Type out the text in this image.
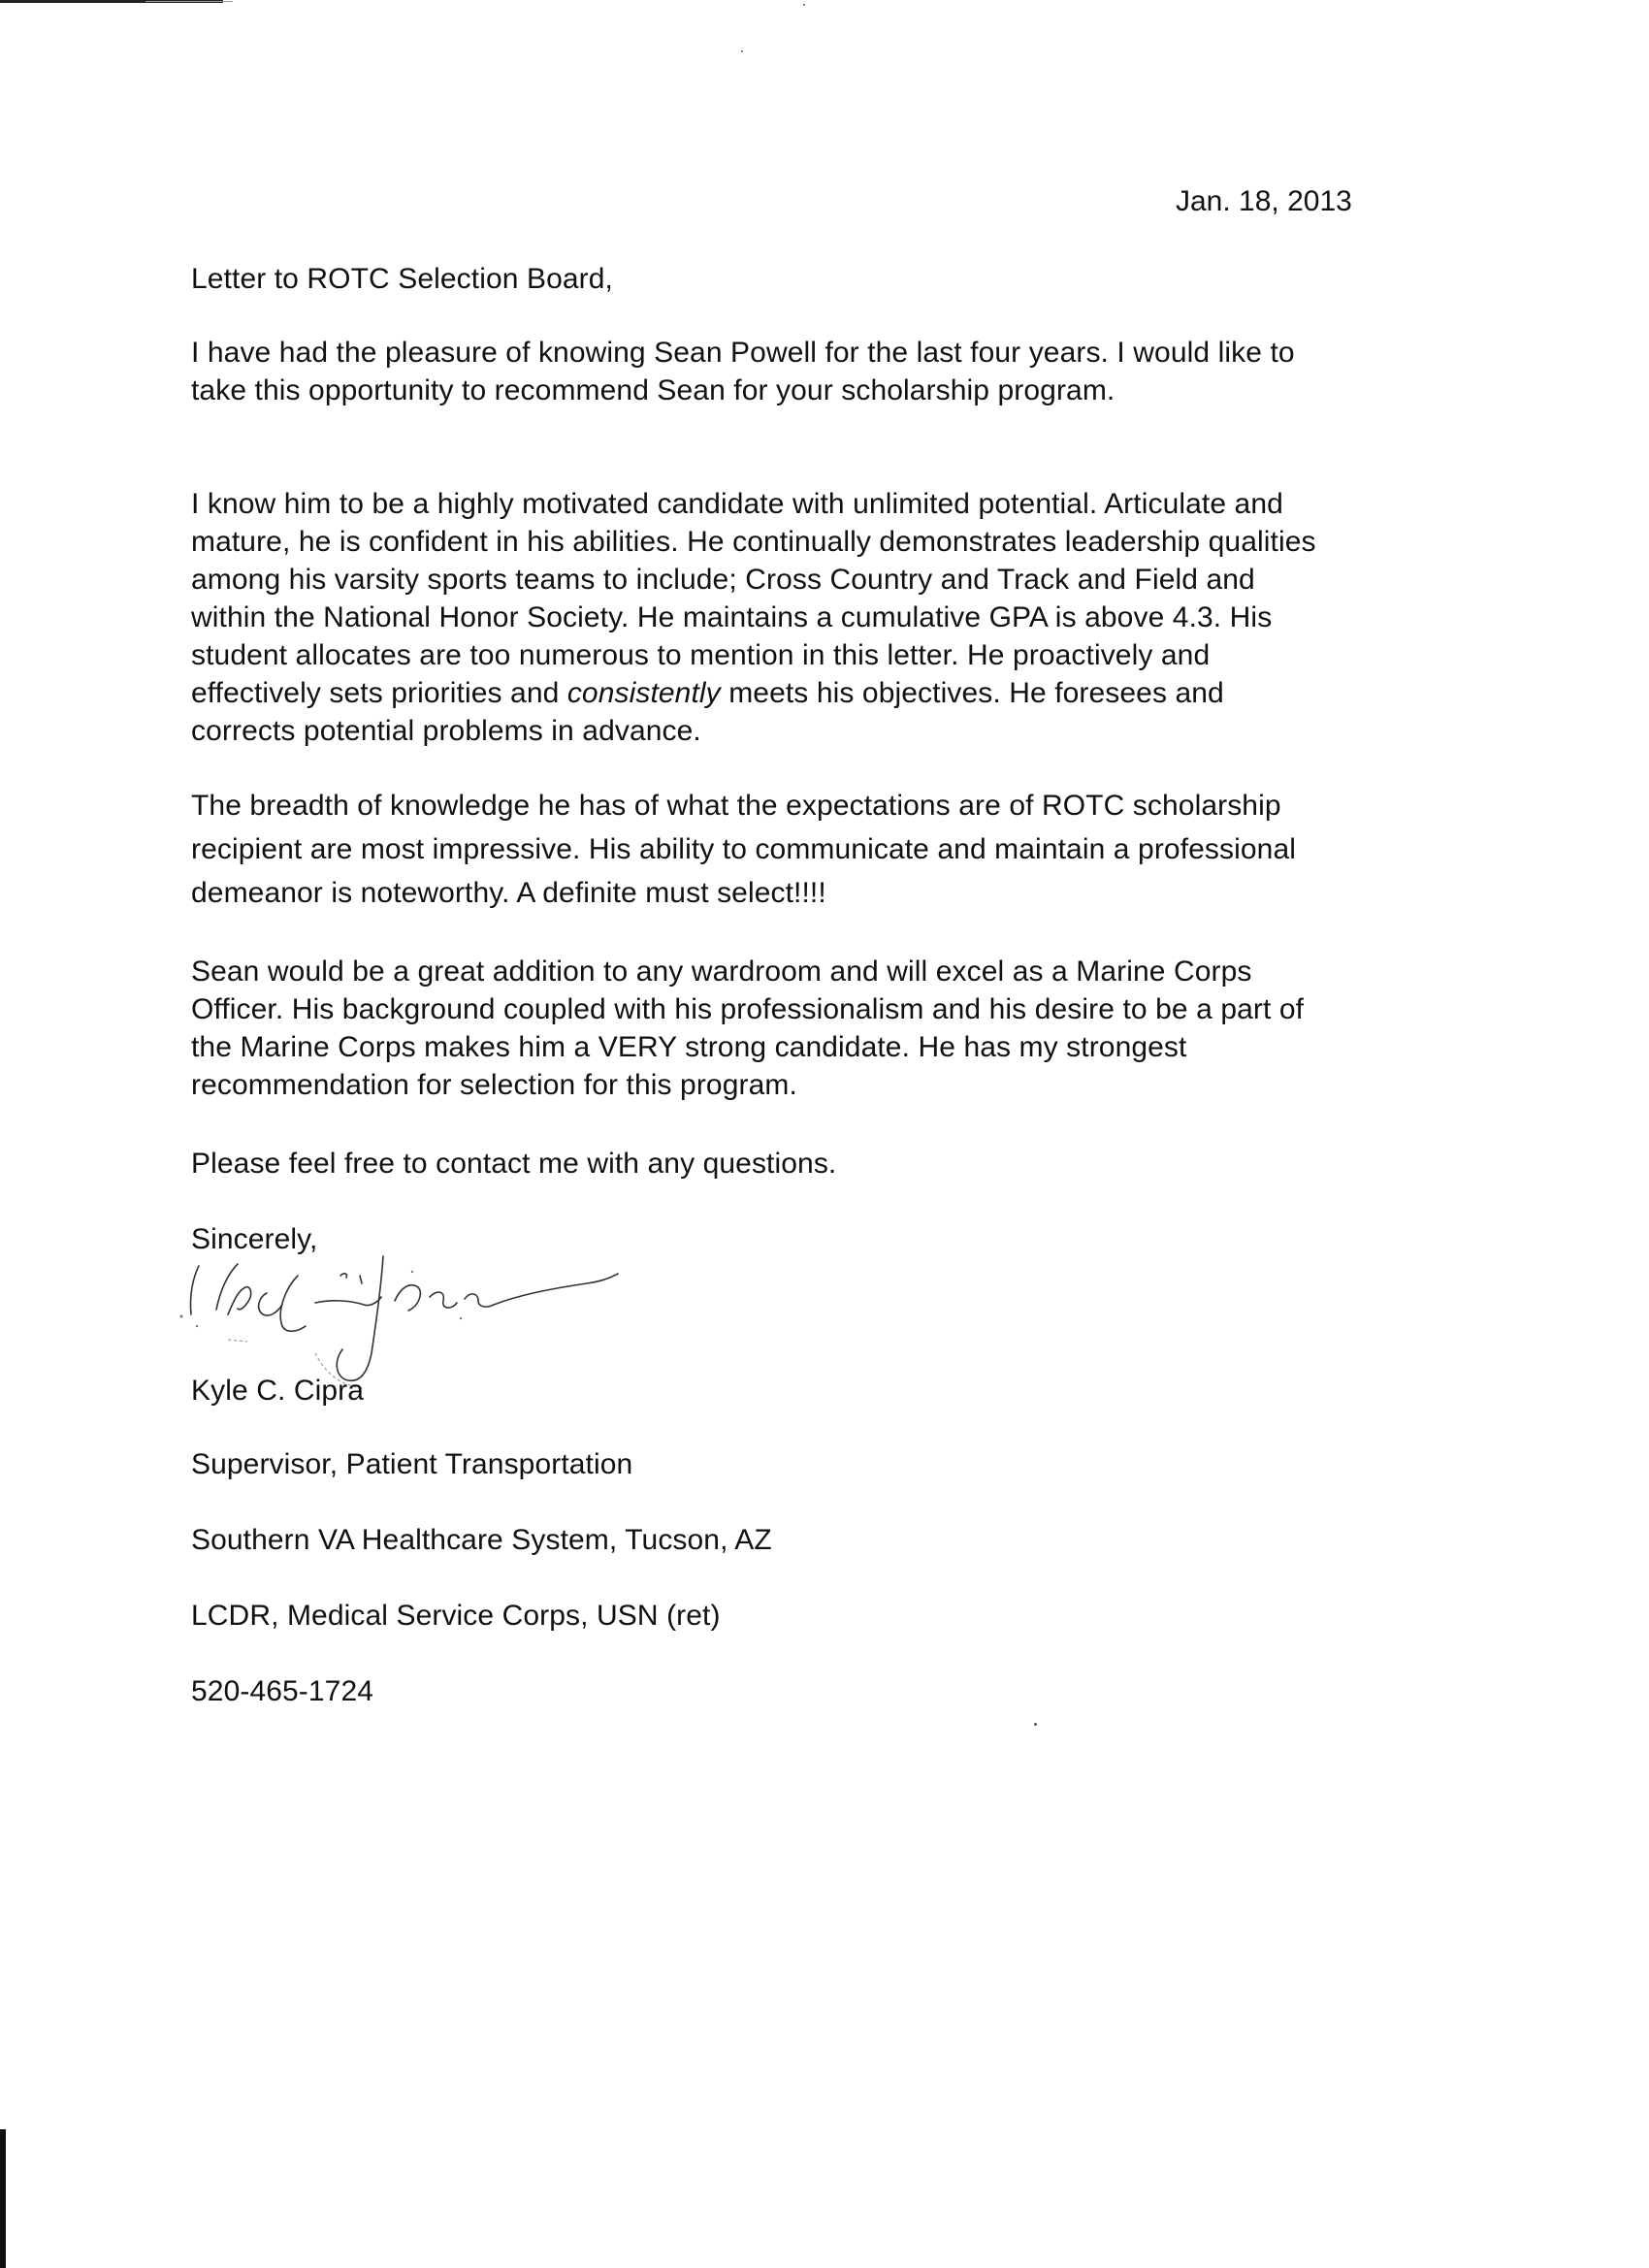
Jan. 18, 2013
Letter to ROTC Selection Board,

I have had the pleasure of knowing Sean Powell for the last four years. I would like to

take this opportunity to recommend Sean for your scholarship program.

I know him to be a highly motivated candidate with unlimited potential. Articulate and

mature, he is confident in his abilities. He continually demonstrates leadership qualities

among his varsity sports teams to include; Cross Country and Track and Field and

within the National Honor Society. He maintains a cumulative GPA is above 4.3. His

student allocates are too numerous to mention in this letter. He proactively and

effectively sets priorities and consistently meets his objectives. He foresees and

corrects potential problems in advance.

The breadth of knowledge he has of what the expectations are of ROTC scholarship

recipient are most impressive. His ability to communicate and maintain a professional

demeanor is noteworthy. A definite must select!!!!

Sean would be a great addition to any wardroom and will excel as a Marine Corps

Officer. His background coupled with his professionalism and his desire to be a part of

the Marine Corps makes him a VERY strong candidate. He has my strongest

recommendation for selection for this program.

Please feel free to contact me with any questions.
Sincerely,
Kyle C. Cipra
Supervisor, Patient Transportation
Southern VA Healthcare System, Tucson, AZ
LCDR, Medical Service Corps, USN (ret)
520-465-1724
